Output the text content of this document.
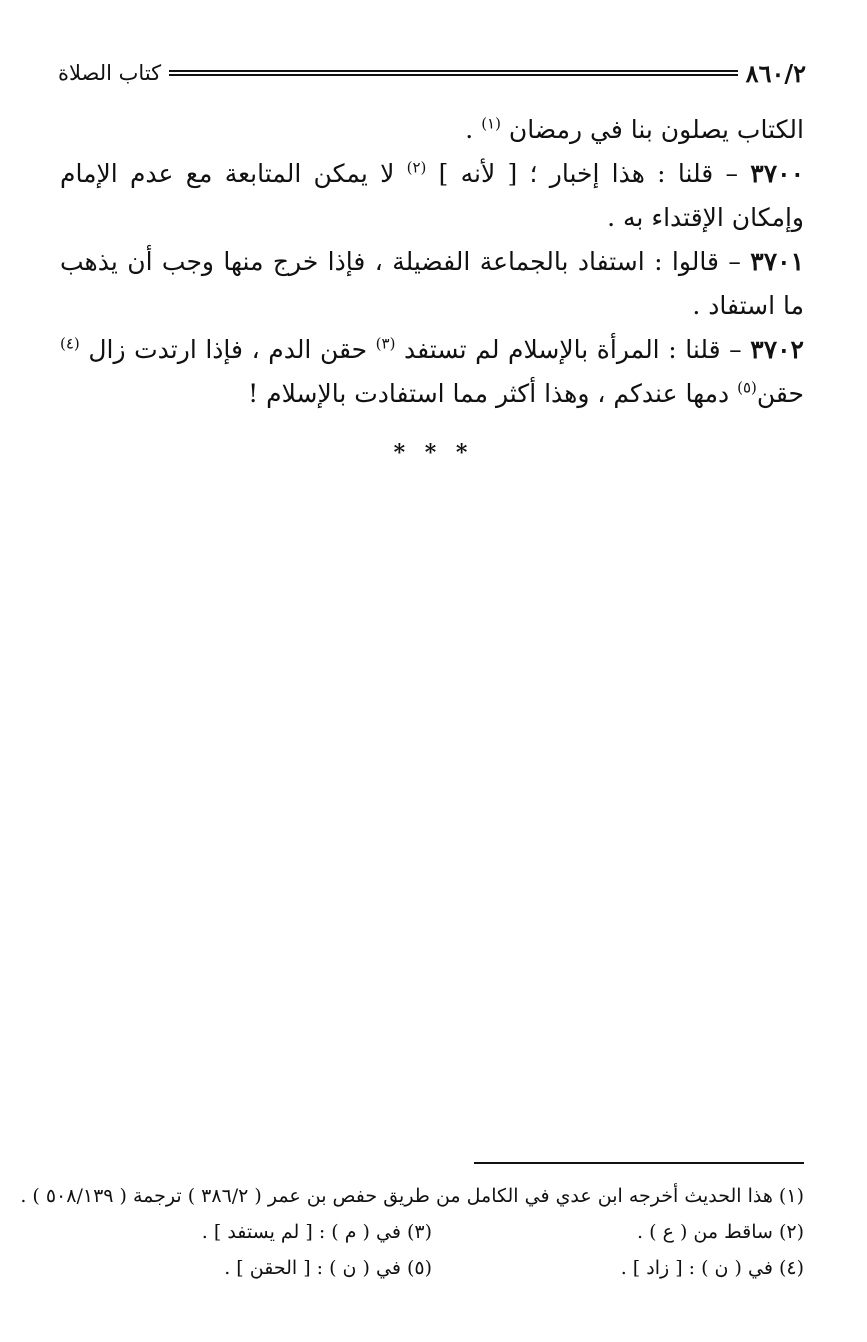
٨٦٠/٢
كتاب الصلاة

الكتاب يصلون بنا في رمضان $^{(١)}$ .

٣٧٠٠ – قلنا : هذا إخبار ؛ [ لأنه ] $^{(٢)}$ لا يمكن المتابعة مع عدم الإمام وإمكان الإقتداء به .

٣٧٠١ – قالوا : استفاد بالجماعة الفضيلة ، فإذا خرج منها وجب أن يذهب ما استفاد .

٣٧٠٢ – قلنا : المرأة بالإسلام لم تستفد $^{(٣)}$ حقن الدم ، فإذا ارتدت زال $^{(٤)}$ حقن$^{(٥)}$ دمها عندكم ، وهذا أكثر مما استفادت بالإسلام !

* * *
(١) هذا الحديث أخرجه ابن عدي في الكامل من طريق حفص بن عمر ( ٣٨٦/٢ ) ترجمة ( ٥٠٨/١٣٩ ) .
(٢) ساقط من ( ع ) .
(٣) في ( م ) : [ لم يستفد ] .
(٤) في ( ن ) : [ زاد ] .
(٥) في ( ن ) : [ الحقن ] .
